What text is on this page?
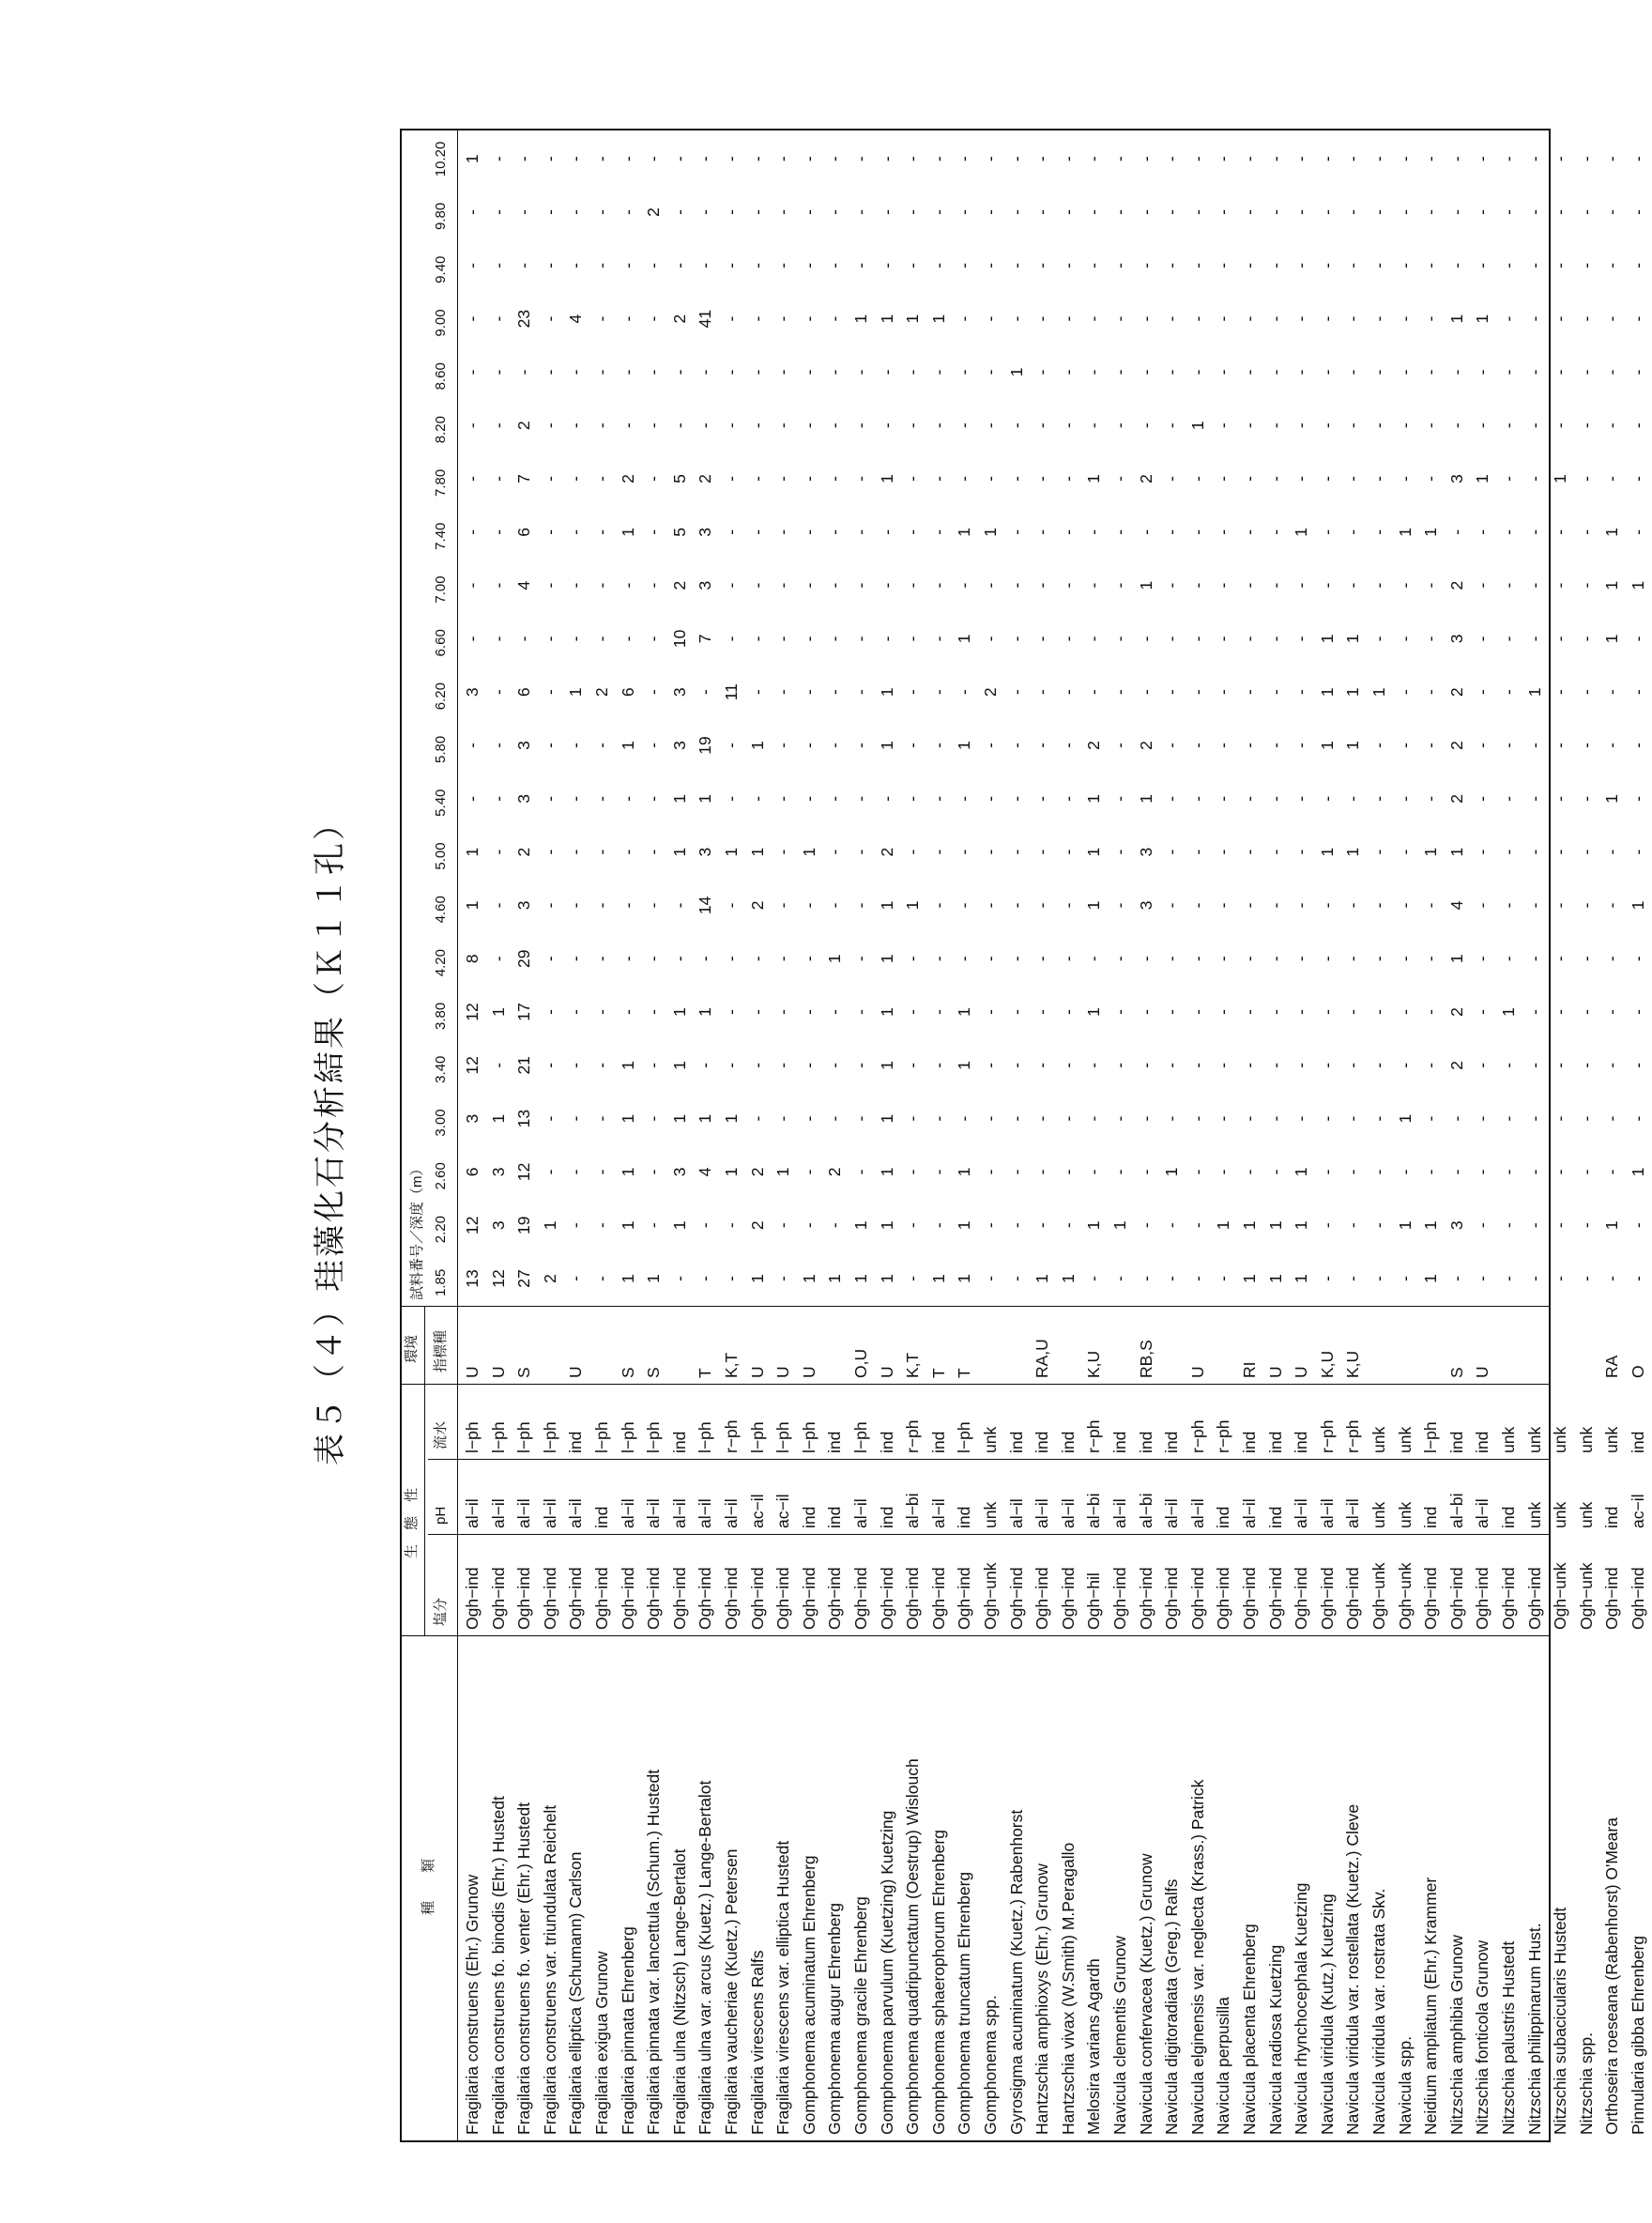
表５（４）珪藻化石分析結果（Ｋ１１孔）
種　　類
生　態　性
環境
塩分
pH
流水
指標種
試料番号／深度（m） 1.85
2.20
2.60
3.00
3.40
3.80
4.20
4.60
5.00
5.40
5.80
6.20
6.60
7.00
7.40
7.80
8.20
8.60
9.00
9.40
9.80
10.20
Fragilaria construens (Ehr.) Grunow
Ogh−ind
al−il
l−ph
U
13
12
6
3
12
12
8
1
1
-
-
3
-
-
-
-
-
-
-
-
-
1
Fragilaria construens fo. binodis (Ehr.) Hustedt
Ogh−ind
al−il
l−ph
U
12
3
3
1
-
1
-
-
-
-
-
-
-
-
-
-
-
-
-
-
-
-
Fragilaria construens fo. venter (Ehr.) Hustedt
Ogh−ind
al−il
l−ph
S
27
19
12
13
21
17
29
3
2
3
3
6
-
4
6
7
2
-
23
-
-
-
Fragilaria construens var. triundulata Reichelt
Ogh−ind
al−il
l−ph
2
1
-
-
-
-
-
-
-
-
-
-
-
-
-
-
-
-
-
-
-
-
Fragilaria elliptica (Schumann) Carlson
Ogh−ind
al−il
ind
U
-
-
-
-
-
-
-
-
-
-
-
1
-
-
-
-
-
-
4
-
-
-
Fragilaria exigua Grunow
Ogh−ind
ind
l−ph
-
-
-
-
-
-
-
-
-
-
-
2
-
-
-
-
-
-
-
-
-
-
Fragilaria pinnata Ehrenberg
Ogh−ind
al−il
l−ph
S
1
1
1
1
1
-
-
-
-
-
1
6
-
-
1
2
-
-
-
-
-
-
Fragilaria pinnata var. lancettula (Schum.) Hustedt
Ogh−ind
al−il
l−ph
S
1
-
-
-
-
-
-
-
-
-
-
-
-
-
-
-
-
-
-
-
2
-
Fragilaria ulna (Nitzsch) Lange-Bertalot
Ogh−ind
al−il
ind
-
1
3
1
1
1
-
-
1
1
3
3
10
2
5
5
-
-
2
-
-
-
Fragilaria ulna var. arcus (Kuetz.) Lange-Bertalot
Ogh−ind
al−il
l−ph
T
-
-
4
1
-
1
-
14
3
1
19
-
7
3
3
2
-
-
41
-
-
-
Fragilaria vaucheriae (Kuetz.) Petersen
Ogh−ind
al−il
r−ph
K,T
-
-
1
1
-
-
-
-
1
-
-
11
-
-
-
-
-
-
-
-
-
-
Fragilaria virescens Ralfs
Ogh−ind
ac−il
l−ph
U
1
2
2
-
-
-
-
2
1
-
1
-
-
-
-
-
-
-
-
-
-
-
Fragilaria virescens var. elliptica Hustedt
Ogh−ind
ac−il
l−ph
U
-
-
1
-
-
-
-
-
-
-
-
-
-
-
-
-
-
-
-
-
-
-
Gomphonema acuminatum Ehrenberg
Ogh−ind
ind
l−ph
U
1
-
-
-
-
-
-
-
1
-
-
-
-
-
-
-
-
-
-
-
-
-
Gomphonema augur Ehrenberg
Ogh−ind
ind
ind
1
-
2
-
-
-
1
-
-
-
-
-
-
-
-
-
-
-
-
-
-
-
Gomphonema gracile Ehrenberg
Ogh−ind
al−il
l−ph
O,U
1
1
-
-
-
-
-
-
-
-
-
-
-
-
-
-
-
-
1
-
-
-
Gomphonema parvulum (Kuetzing) Kuetzing
Ogh−ind
ind
ind
U
1
1
1
1
1
1
1
1
2
-
1
1
-
-
-
1
-
-
1
-
-
-
Gomphonema quadripunctatum (Oestrup) Wislouch
Ogh−ind
al−bi
r−ph
K,T
-
-
-
-
-
-
-
1
-
-
-
-
-
-
-
-
-
-
1
-
-
-
Gomphonema sphaerophorum Ehrenberg
Ogh−ind
al−il
ind
T
1
-
-
-
-
-
-
-
-
-
-
-
-
-
-
-
-
-
1
-
-
-
Gomphonema truncatum Ehrenberg
Ogh−ind
ind
l−ph
T
1
1
1
-
1
1
-
-
-
-
1
-
1
-
1
-
-
-
-
-
-
-
Gomphonema spp.
Ogh−unk
unk
unk
-
-
-
-
-
-
-
-
-
-
-
2
-
-
1
-
-
-
-
-
-
-
Gyrosigma acuminatum (Kuetz.) Rabenhorst
Ogh−ind
al−il
ind
-
-
-
-
-
-
-
-
-
-
-
-
-
-
-
-
-
1
-
-
-
-
Hantzschia amphioxys (Ehr.) Grunow
Ogh−ind
al−il
ind
RA,U
1
-
-
-
-
-
-
-
-
-
-
-
-
-
-
-
-
-
-
-
-
-
Hantzschia vivax (W.Smith) M.Peragallo
Ogh−ind
al−il
ind
1
-
-
-
-
-
-
-
-
-
-
-
-
-
-
-
-
-
-
-
-
-
Melosira varians Agardh
Ogh−hil
al−bi
r−ph
K,U
-
1
-
-
-
1
-
1
1
1
2
-
-
-
-
1
-
-
-
-
-
-
Navicula clementis Grunow
Ogh−ind
al−il
ind
-
1
-
-
-
-
-
-
-
-
-
-
-
-
-
-
-
-
-
-
-
-
Navicula confervacea (Kuetz.) Grunow
Ogh−ind
al−bi
ind
RB,S
-
-
-
-
-
-
-
3
3
1
2
-
-
1
-
2
-
-
-
-
-
-
Navicula digitoradiata (Greg.) Ralfs
Ogh−ind
al−il
ind
-
-
1
-
-
-
-
-
-
-
-
-
-
-
-
-
-
-
-
-
-
-
Navicula elginensis var. neglecta (Krass.) Patrick
Ogh−ind
al−il
r−ph
U
-
-
-
-
-
-
-
-
-
-
-
-
-
-
-
-
1
-
-
-
-
-
Navicula perpusilla
Ogh−ind
ind
r−ph
-
1
-
-
-
-
-
-
-
-
-
-
-
-
-
-
-
-
-
-
-
-
Navicula placenta Ehrenberg
Ogh−ind
al−il
ind
RI
1
1
-
-
-
-
-
-
-
-
-
-
-
-
-
-
-
-
-
-
-
-
Navicula radiosa Kuetzing
Ogh−ind
ind
ind
U
1
1
-
-
-
-
-
-
-
-
-
-
-
-
-
-
-
-
-
-
-
-
Navicula rhynchocephala Kuetzing
Ogh−ind
al−il
ind
U
1
1
1
-
-
-
-
-
-
-
-
-
-
-
1
-
-
-
-
-
-
-
Navicula viridula (Kutz.) Kuetzing
Ogh−ind
al−il
r−ph
K,U
-
-
-
-
-
-
-
-
1
-
1
1
1
-
-
-
-
-
-
-
-
-
Navicula viridula var. rostellata (Kuetz.) Cleve
Ogh−ind
al−il
r−ph
K,U
-
-
-
-
-
-
-
-
1
-
1
1
1
-
-
-
-
-
-
-
-
-
Navicula viridula var. rostrata Skv.
Ogh−unk
unk
unk
-
-
-
-
-
-
-
-
-
-
-
1
-
-
-
-
-
-
-
-
-
-
Navicula spp.
Ogh−unk
unk
unk
-
1
-
1
-
-
-
-
-
-
-
-
-
-
1
-
-
-
-
-
-
-
Neidium ampliatum (Ehr.) Krammer
Ogh−ind
ind
l−ph
1
1
-
-
-
-
-
-
1
-
-
-
-
-
1
-
-
-
-
-
-
-
Nitzschia amphibia Grunow
Ogh−ind
al−bi
ind
S
-
3
-
-
2
2
1
4
1
2
2
2
3
2
-
3
-
-
1
-
-
-
Nitzschia fonticola Grunow
Ogh−ind
al−il
ind
U
-
-
-
-
-
-
-
-
-
-
-
-
-
-
-
1
-
-
1
-
-
-
Nitzschia palustris Hustedt
Ogh−ind
ind
unk
-
-
-
-
-
1
-
-
-
-
-
-
-
-
-
-
-
-
-
-
-
-
Nitzschia philippinarum Hust.
Ogh−ind
unk
unk
-
-
-
-
-
-
-
-
-
-
-
1
-
-
-
-
-
-
-
-
-
-
Nitzschia subacicularis Hustedt
Ogh−unk
unk
unk
-
-
-
-
-
-
-
-
-
-
-
-
-
-
-
1
-
-
-
-
-
-
Nitzschia spp.
Ogh−unk
unk
unk
-
-
-
-
-
-
-
-
-
-
-
-
-
-
-
-
-
-
-
-
-
-
Orthoseira roeseana (Rabenhorst) O'Meara
Ogh−ind
ind
unk
RA
-
1
-
-
-
-
-
-
-
1
-
-
1
1
1
-
-
-
-
-
-
-
Pinnularia gibba Ehrenberg
Ogh−ind
ac−il
ind
O
-
-
1
-
-
-
-
1
-
-
-
-
-
1
-
-
-
-
-
-
-
-
